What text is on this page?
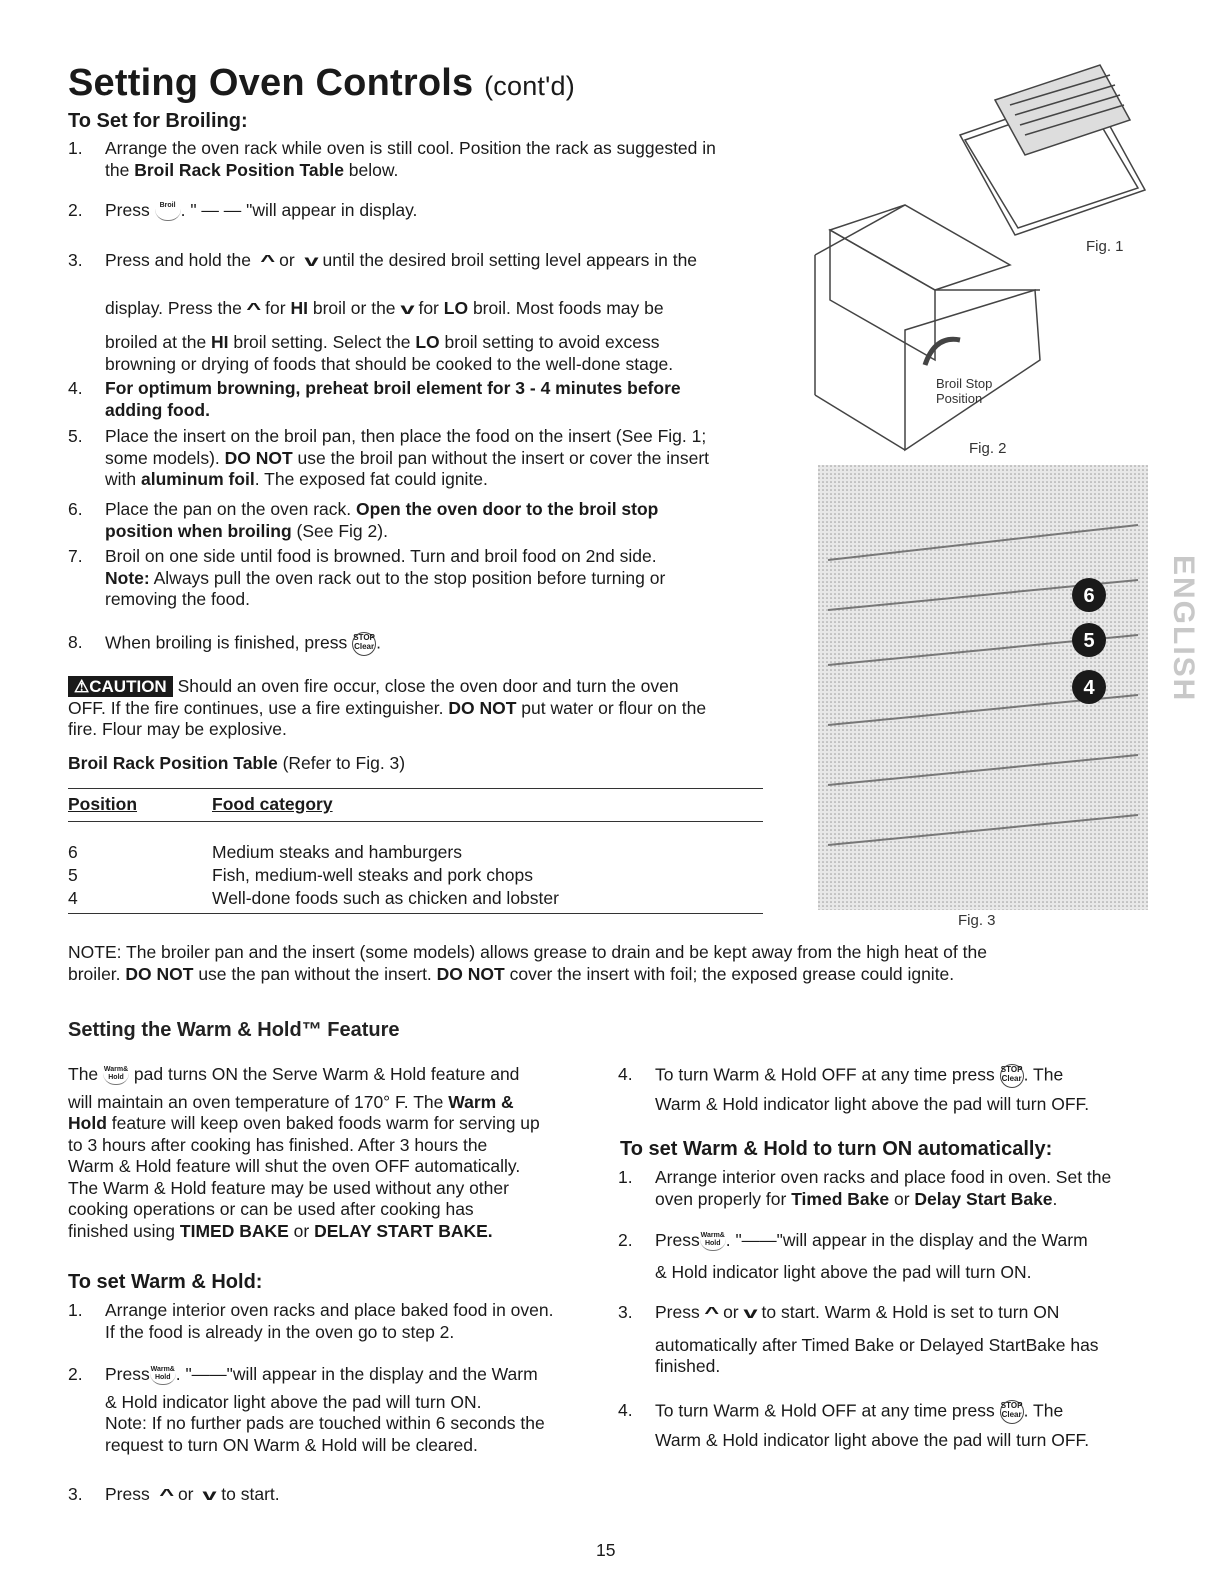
Setting Oven Controls (cont'd)
To Set for Broiling:
1. Arrange the oven rack while oven is still cool. Position the rack as suggested in
the Broil Rack Position Table below.
2. Press Broil . " — — "will appear in display.
3. Press and hold the ^ or v until the desired broil setting level appears in the
display. Press the ^ for HI broil or the v for LO broil. Most foods may be
broiled at the HI broil setting. Select the LO broil setting to avoid excess
browning or drying of foods that should be cooked to the well-done stage.
4. For optimum browning, preheat broil element for 3 - 4 minutes before
adding food.
5. Place the insert on the broil pan, then place the food on the insert (See Fig. 1;
some models). DO NOT use the broil pan without the insert or cover the insert
with aluminum foil. The exposed fat could ignite.
6. Place the pan on the oven rack. Open the oven door to the broil stop
position when broiling (See Fig 2).
7. Broil on one side until food is browned. Turn and broil food on 2nd side.
Note: Always pull the oven rack out to the stop position before turning or
removing the food.
8. When broiling is finished, press STOP
Clear .
⚠CAUTION Should an oven fire occur, close the oven door and turn the oven
OFF. If the fire continues, use a fire extinguisher. DO NOT put water or flour on the
fire. Flour may be explosive.
Broil Rack Position Table (Refer to Fig. 3)
Position	Food category
6	Medium steaks and hamburgers
5	Fish, medium-well steaks and pork chops
4	Well-done foods such as chicken and lobster
Fig. 1
Broil Stop
Position
Fig. 2
6
5
4
Fig. 3
ENGLISH
NOTE: The broiler pan and the insert (some models) allows grease to drain and be kept away from the high heat of the
broiler. DO NOT use the pan without the insert. DO NOT cover the insert with foil; the exposed grease could ignite.
Setting the Warm & Hold™ Feature
The Warm&
Hold pad turns ON the Serve Warm & Hold feature and
will maintain an oven temperature of 170° F. The Warm &
Hold feature will keep oven baked foods warm for serving up
to 3 hours after cooking has finished. After 3 hours the
Warm & Hold feature will shut the oven OFF automatically.
The Warm & Hold feature may be used without any other
cooking operations or can be used after cooking has
finished using TIMED BAKE or DELAY START BAKE.
To set Warm & Hold:
1. Arrange interior oven racks and place baked food in oven.
If the food is already in the oven go to step 2.
2. PressWarm&
Hold . "——"will appear in the display and the Warm
& Hold indicator light above the pad will turn ON.
Note: If no further pads are touched within 6 seconds the
request to turn ON Warm & Hold will be cleared.
3. Press ^ or v to start.
4. To turn Warm & Hold OFF at any time press STOP
Clear . The
Warm & Hold indicator light above the pad will turn OFF.
To set Warm & Hold to turn ON automatically:
1. Arrange interior oven racks and place food in oven. Set the
oven properly for Timed Bake or Delay Start Bake.
2. PressWarm&
Hold . "——"will appear in the display and the Warm
& Hold indicator light above the pad will turn ON.
3. Press ^ or v to start. Warm & Hold is set to turn ON
automatically after Timed Bake or Delayed StartBake has
finished.
4. To turn Warm & Hold OFF at any time press STOP
Clear . The
Warm & Hold indicator light above the pad will turn OFF.
15
